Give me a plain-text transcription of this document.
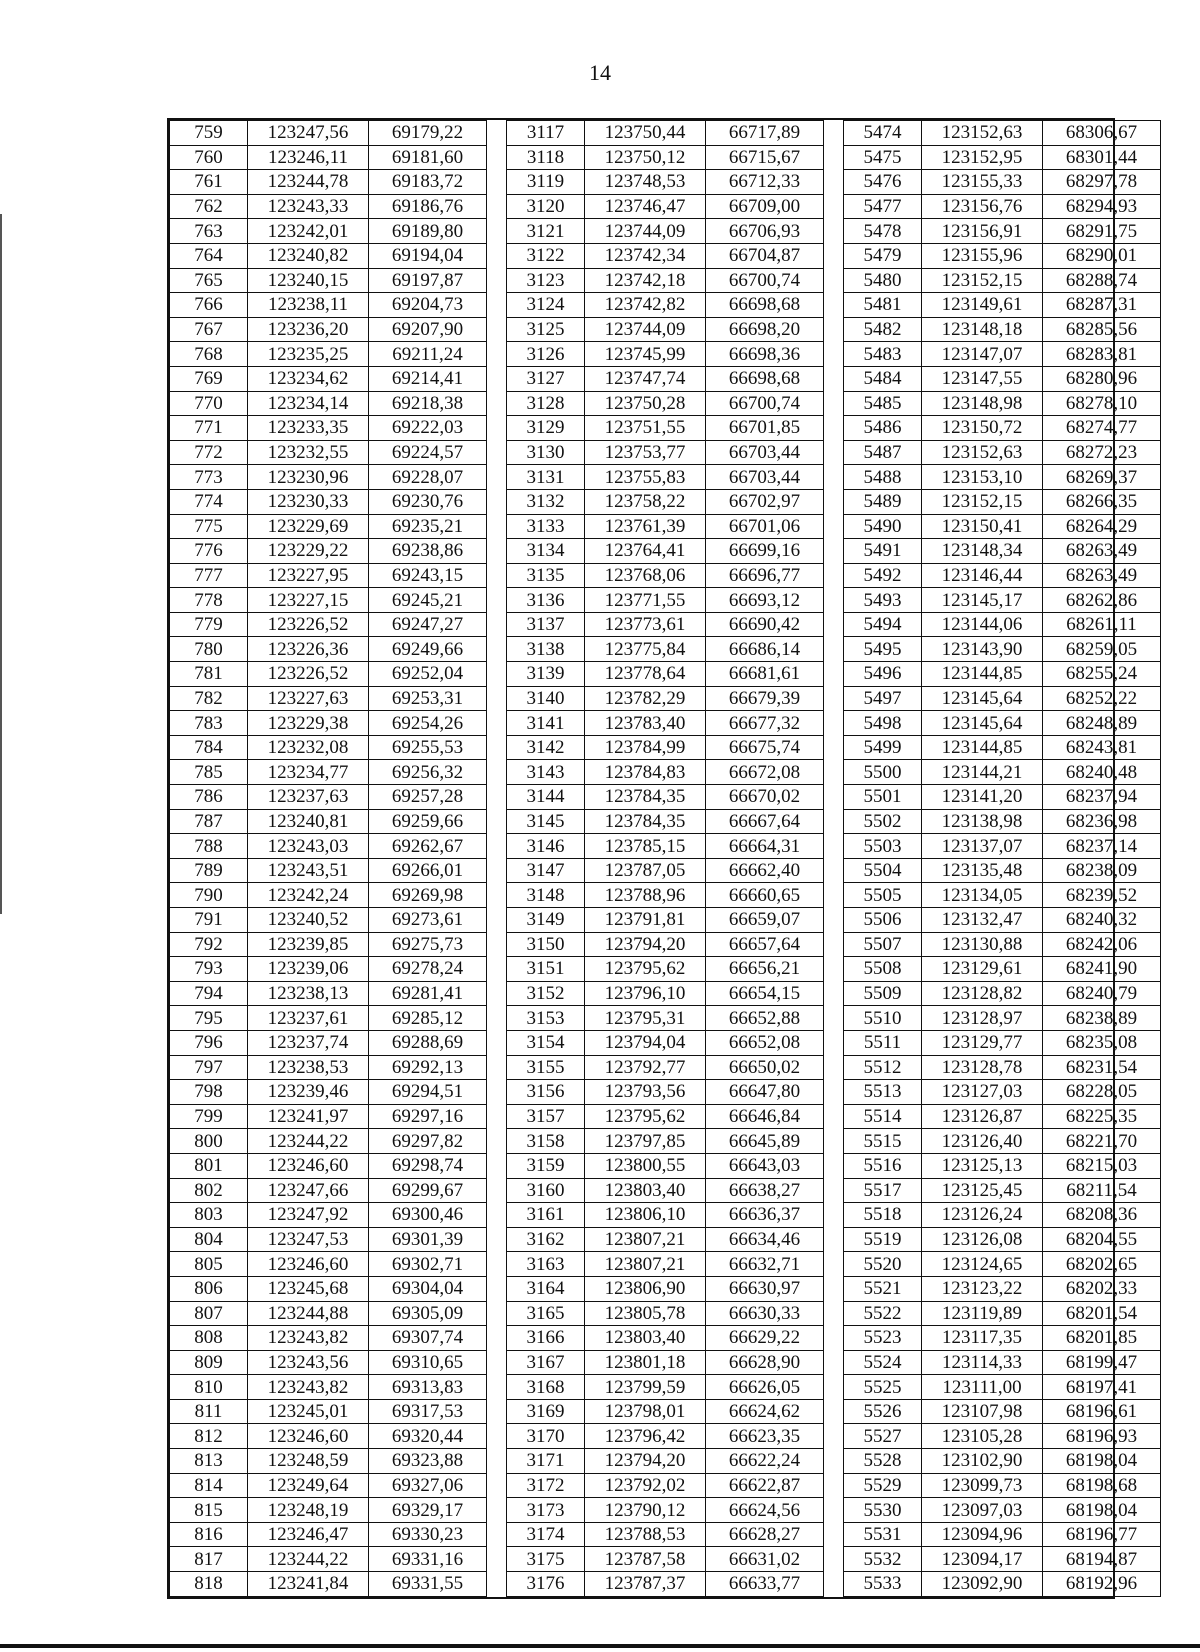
14
759	123247,56	69179,22		3117	123750,44	66717,89		5474	123152,63	68306,67
760	123246,11	69181,60		3118	123750,12	66715,67		5475	123152,95	68301,44
761	123244,78	69183,72		3119	123748,53	66712,33		5476	123155,33	68297,78
762	123243,33	69186,76		3120	123746,47	66709,00		5477	123156,76	68294,93
763	123242,01	69189,80		3121	123744,09	66706,93		5478	123156,91	68291,75
764	123240,82	69194,04		3122	123742,34	66704,87		5479	123155,96	68290,01
765	123240,15	69197,87		3123	123742,18	66700,74		5480	123152,15	68288,74
766	123238,11	69204,73		3124	123742,82	66698,68		5481	123149,61	68287,31
767	123236,20	69207,90		3125	123744,09	66698,20		5482	123148,18	68285,56
768	123235,25	69211,24		3126	123745,99	66698,36		5483	123147,07	68283,81
769	123234,62	69214,41		3127	123747,74	66698,68		5484	123147,55	68280,96
770	123234,14	69218,38		3128	123750,28	66700,74		5485	123148,98	68278,10
771	123233,35	69222,03		3129	123751,55	66701,85		5486	123150,72	68274,77
772	123232,55	69224,57		3130	123753,77	66703,44		5487	123152,63	68272,23
773	123230,96	69228,07		3131	123755,83	66703,44		5488	123153,10	68269,37
774	123230,33	69230,76		3132	123758,22	66702,97		5489	123152,15	68266,35
775	123229,69	69235,21		3133	123761,39	66701,06		5490	123150,41	68264,29
776	123229,22	69238,86		3134	123764,41	66699,16		5491	123148,34	68263,49
777	123227,95	69243,15		3135	123768,06	66696,77		5492	123146,44	68263,49
778	123227,15	69245,21		3136	123771,55	66693,12		5493	123145,17	68262,86
779	123226,52	69247,27		3137	123773,61	66690,42		5494	123144,06	68261,11
780	123226,36	69249,66		3138	123775,84	66686,14		5495	123143,90	68259,05
781	123226,52	69252,04		3139	123778,64	66681,61		5496	123144,85	68255,24
782	123227,63	69253,31		3140	123782,29	66679,39		5497	123145,64	68252,22
783	123229,38	69254,26		3141	123783,40	66677,32		5498	123145,64	68248,89
784	123232,08	69255,53		3142	123784,99	66675,74		5499	123144,85	68243,81
785	123234,77	69256,32		3143	123784,83	66672,08		5500	123144,21	68240,48
786	123237,63	69257,28		3144	123784,35	66670,02		5501	123141,20	68237,94
787	123240,81	69259,66		3145	123784,35	66667,64		5502	123138,98	68236,98
788	123243,03	69262,67		3146	123785,15	66664,31		5503	123137,07	68237,14
789	123243,51	69266,01		3147	123787,05	66662,40		5504	123135,48	68238,09
790	123242,24	69269,98		3148	123788,96	66660,65		5505	123134,05	68239,52
791	123240,52	69273,61		3149	123791,81	66659,07		5506	123132,47	68240,32
792	123239,85	69275,73		3150	123794,20	66657,64		5507	123130,88	68242,06
793	123239,06	69278,24		3151	123795,62	66656,21		5508	123129,61	68241,90
794	123238,13	69281,41		3152	123796,10	66654,15		5509	123128,82	68240,79
795	123237,61	69285,12		3153	123795,31	66652,88		5510	123128,97	68238,89
796	123237,74	69288,69		3154	123794,04	66652,08		5511	123129,77	68235,08
797	123238,53	69292,13		3155	123792,77	66650,02		5512	123128,78	68231,54
798	123239,46	69294,51		3156	123793,56	66647,80		5513	123127,03	68228,05
799	123241,97	69297,16		3157	123795,62	66646,84		5514	123126,87	68225,35
800	123244,22	69297,82		3158	123797,85	66645,89		5515	123126,40	68221,70
801	123246,60	69298,74		3159	123800,55	66643,03		5516	123125,13	68215,03
802	123247,66	69299,67		3160	123803,40	66638,27		5517	123125,45	68211,54
803	123247,92	69300,46		3161	123806,10	66636,37		5518	123126,24	68208,36
804	123247,53	69301,39		3162	123807,21	66634,46		5519	123126,08	68204,55
805	123246,60	69302,71		3163	123807,21	66632,71		5520	123124,65	68202,65
806	123245,68	69304,04		3164	123806,90	66630,97		5521	123123,22	68202,33
807	123244,88	69305,09		3165	123805,78	66630,33		5522	123119,89	68201,54
808	123243,82	69307,74		3166	123803,40	66629,22		5523	123117,35	68201,85
809	123243,56	69310,65		3167	123801,18	66628,90		5524	123114,33	68199,47
810	123243,82	69313,83		3168	123799,59	66626,05		5525	123111,00	68197,41
811	123245,01	69317,53		3169	123798,01	66624,62		5526	123107,98	68196,61
812	123246,60	69320,44		3170	123796,42	66623,35		5527	123105,28	68196,93
813	123248,59	69323,88		3171	123794,20	66622,24		5528	123102,90	68198,04
814	123249,64	69327,06		3172	123792,02	66622,87		5529	123099,73	68198,68
815	123248,19	69329,17		3173	123790,12	66624,56		5530	123097,03	68198,04
816	123246,47	69330,23		3174	123788,53	66628,27		5531	123094,96	68196,77
817	123244,22	69331,16		3175	123787,58	66631,02		5532	123094,17	68194,87
818	123241,84	69331,55		3176	123787,37	66633,77		5533	123092,90	68192,96
